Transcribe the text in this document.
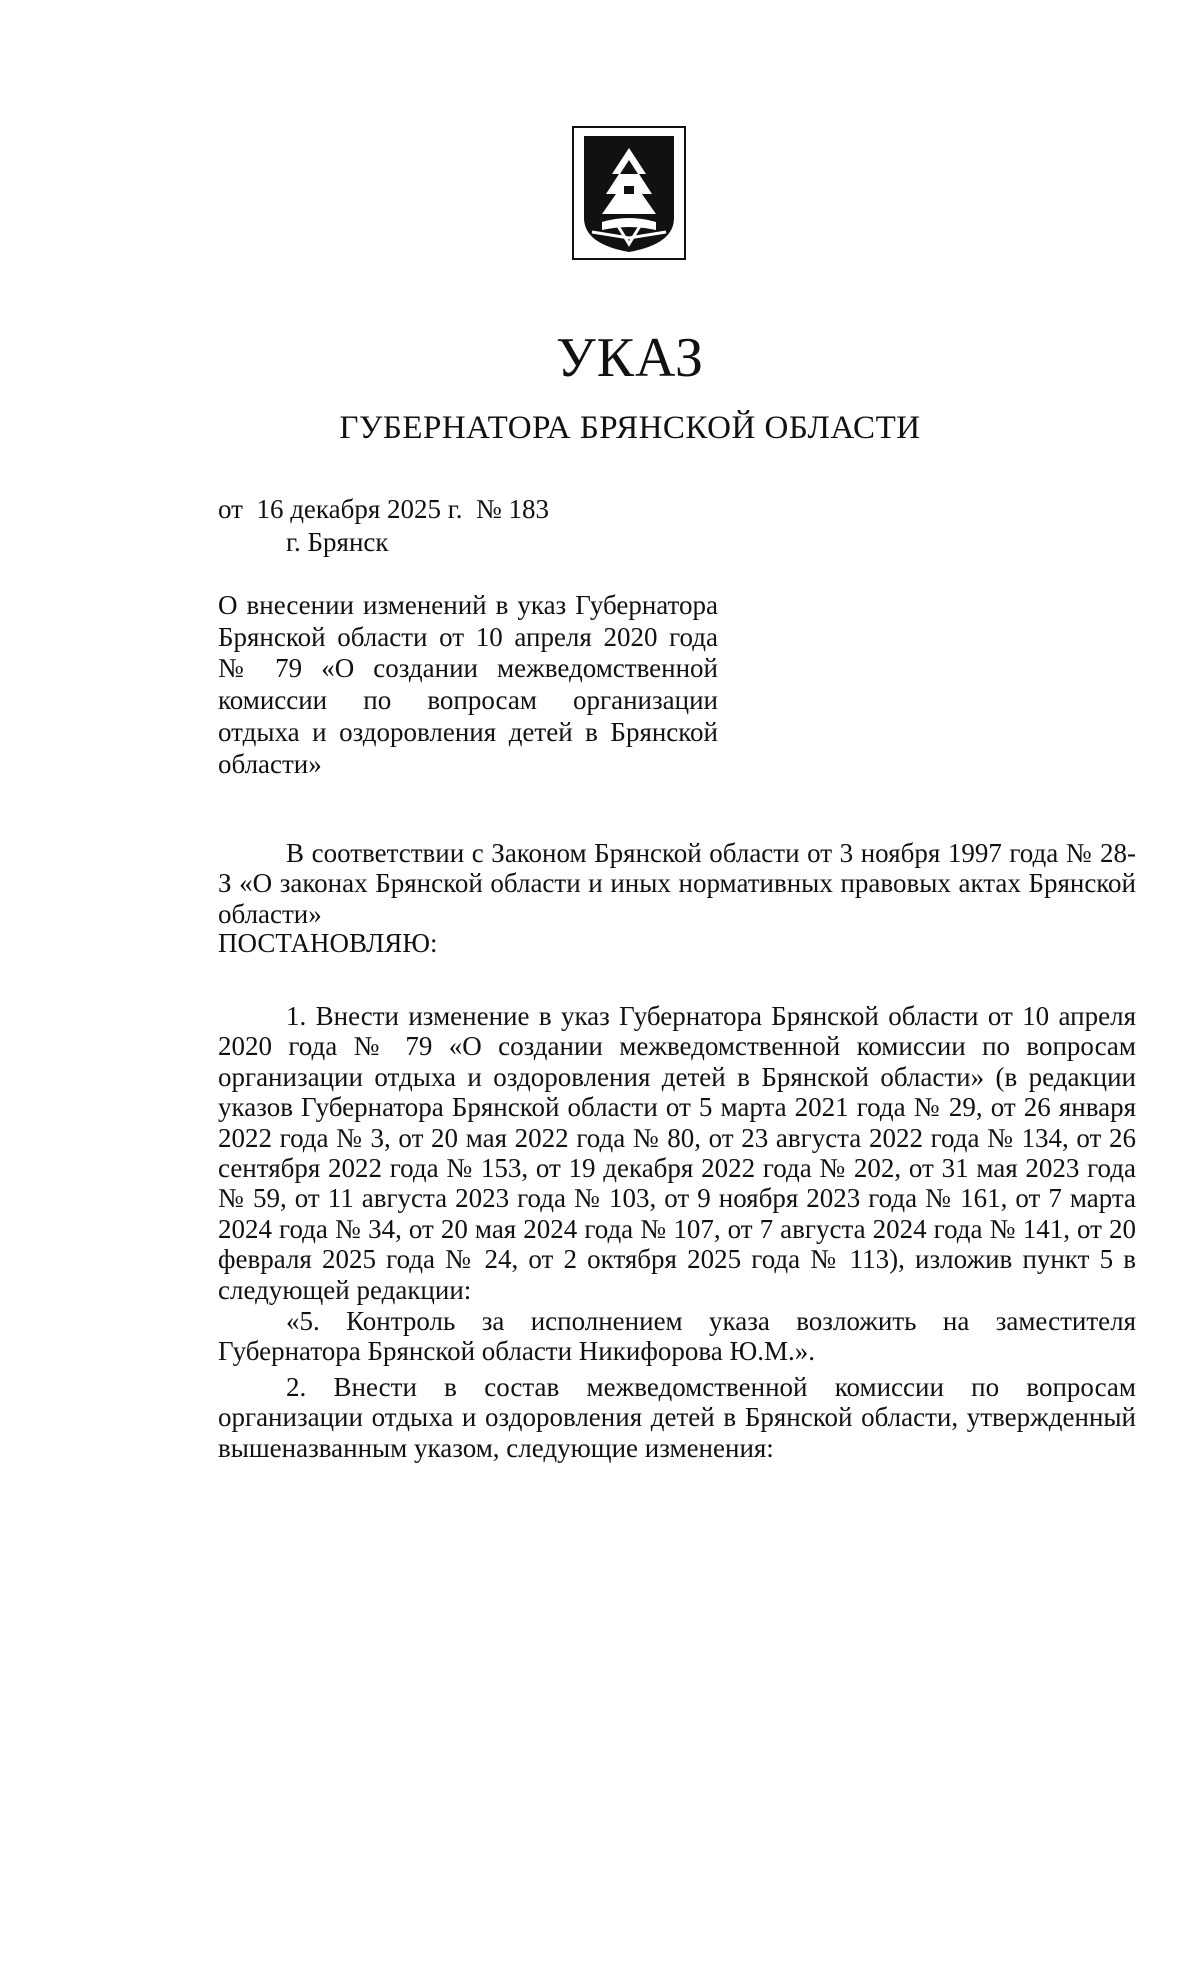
УКАЗ
ГУБЕРНАТОРА БРЯНСКОЙ ОБЛАСТИ
от  16 декабря 2025 г.  № 183
г. Брянск

О внесении изменений в указ Губернатора Брянской области от 10 апреля 2020 года № 79 «О создании межведомственной комиссии по вопросам организации отдыха и оздоровления детей в Брянской области»

В соответствии с Законом Брянской области от 3 ноября 1997 года № 28-З «О законах Брянской области и иных нормативных правовых актах Брянской области»

ПОСТАНОВЛЯЮ:

1. Внести изменение в указ Губернатора Брянской области от 10 апреля 2020 года № 79 «О создании межведомственной комиссии по вопросам организации отдыха и оздоровления детей в Брянской области» (в редакции указов Губернатора Брянской области от 5 марта 2021 года № 29, от 26 января 2022 года № 3, от 20 мая 2022 года № 80, от 23 августа 2022 года № 134, от 26 сентября 2022 года № 153, от 19 декабря 2022 года № 202, от 31 мая 2023 года № 59, от 11 августа 2023 года № 103, от 9 ноября 2023 года № 161, от 7 марта 2024 года № 34, от 20 мая 2024 года № 107, от 7 августа 2024 года № 141, от 20 февраля 2025 года № 24, от 2 октября 2025 года № 113), изложив пункт 5 в следующей редакции:

«5. Контроль за исполнением указа возложить на заместителя Губернатора Брянской области Никифорова Ю.М.».

2. Внести в состав межведомственной комиссии по вопросам организации отдыха и оздоровления детей в Брянской области, утвержденный вышеназванным указом, следующие изменения:
